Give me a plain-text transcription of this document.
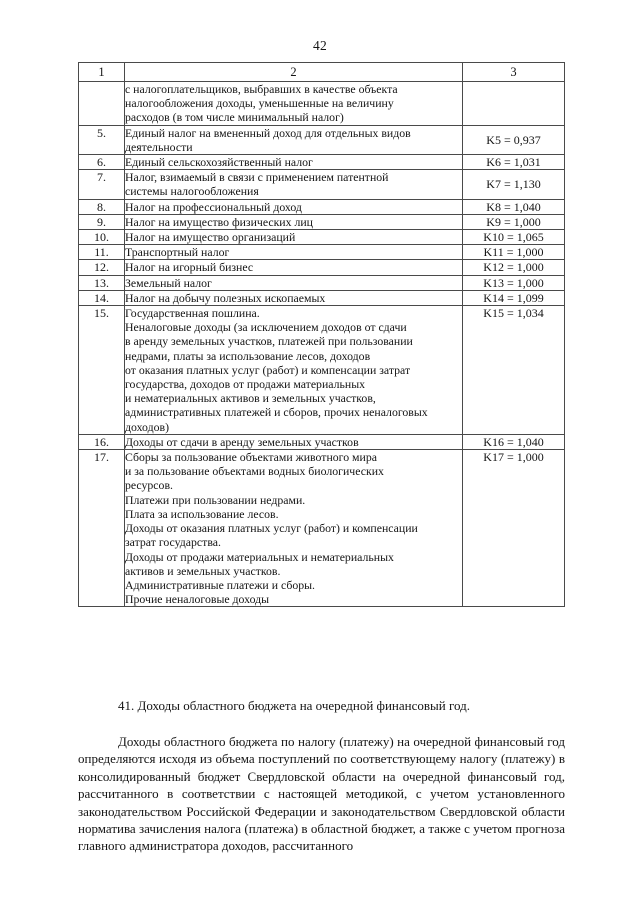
42
1	2	3

	с налогоплательщиков, выбравших в качестве объекта
налогообложения доходы, уменьшенные на величину
расходов (в том числе минимальный налог)	

5.	Единый налог на вмененный доход для отдельных видов
деятельности	K5 = 0,937
6.	Единый сельскохозяйственный налог	K6 = 1,031
7.	Налог, взимаемый в связи с применением патентной
системы налогообложения	K7 = 1,130
8.	Налог на профессиональный доход	K8 = 1,040
9.	Налог на имущество физических лиц	K9 = 1,000
10.	Налог на имущество организаций	K10 = 1,065
11.	Транспортный налог	K11 = 1,000
12.	Налог на игорный бизнес	K12 = 1,000
13.	Земельный налог	K13 = 1,000
14.	Налог на добычу полезных ископаемых	K14 = 1,099
15.	Государственная пошлина.
Неналоговые доходы (за исключением доходов от сдачи
в аренду земельных участков, платежей при пользовании
недрами, платы за использование лесов, доходов
от оказания платных услуг (работ) и компенсации затрат
государства, доходов от продажи материальных
и нематериальных активов и земельных участков,
административных платежей и сборов, прочих неналоговых
доходов)
	K15 = 1,034
16.	Доходы от сдачи в аренду земельных участков	K16 = 1,040
17.	Сборы за пользование объектами животного мира
и за пользование объектами водных биологических
ресурсов.
Платежи при пользовании недрами.
Плата за использование лесов.
Доходы от оказания платных услуг (работ) и компенсации
затрат государства.
Доходы от продажи материальных и нематериальных
активов и земельных участков.
Административные платежи и сборы.
Прочие неналоговые доходы
	K17 = 1,000
41. Доходы областного бюджета на очередной финансовый год.
Доходы областного бюджета по налогу (платежу) на очередной финансовый год определяются исходя из объема поступлений по соответствующему налогу (платежу) в консолидированный бюджет Свердловской области на очередной финансовый год, рассчитанного в соответствии с настоящей методикой, с учетом установленного законодательством Российской Федерации и законодательством Свердловской области норматива зачисления налога (платежа) в областной бюджет, а также с учетом прогноза главного администратора доходов, рассчитанного
